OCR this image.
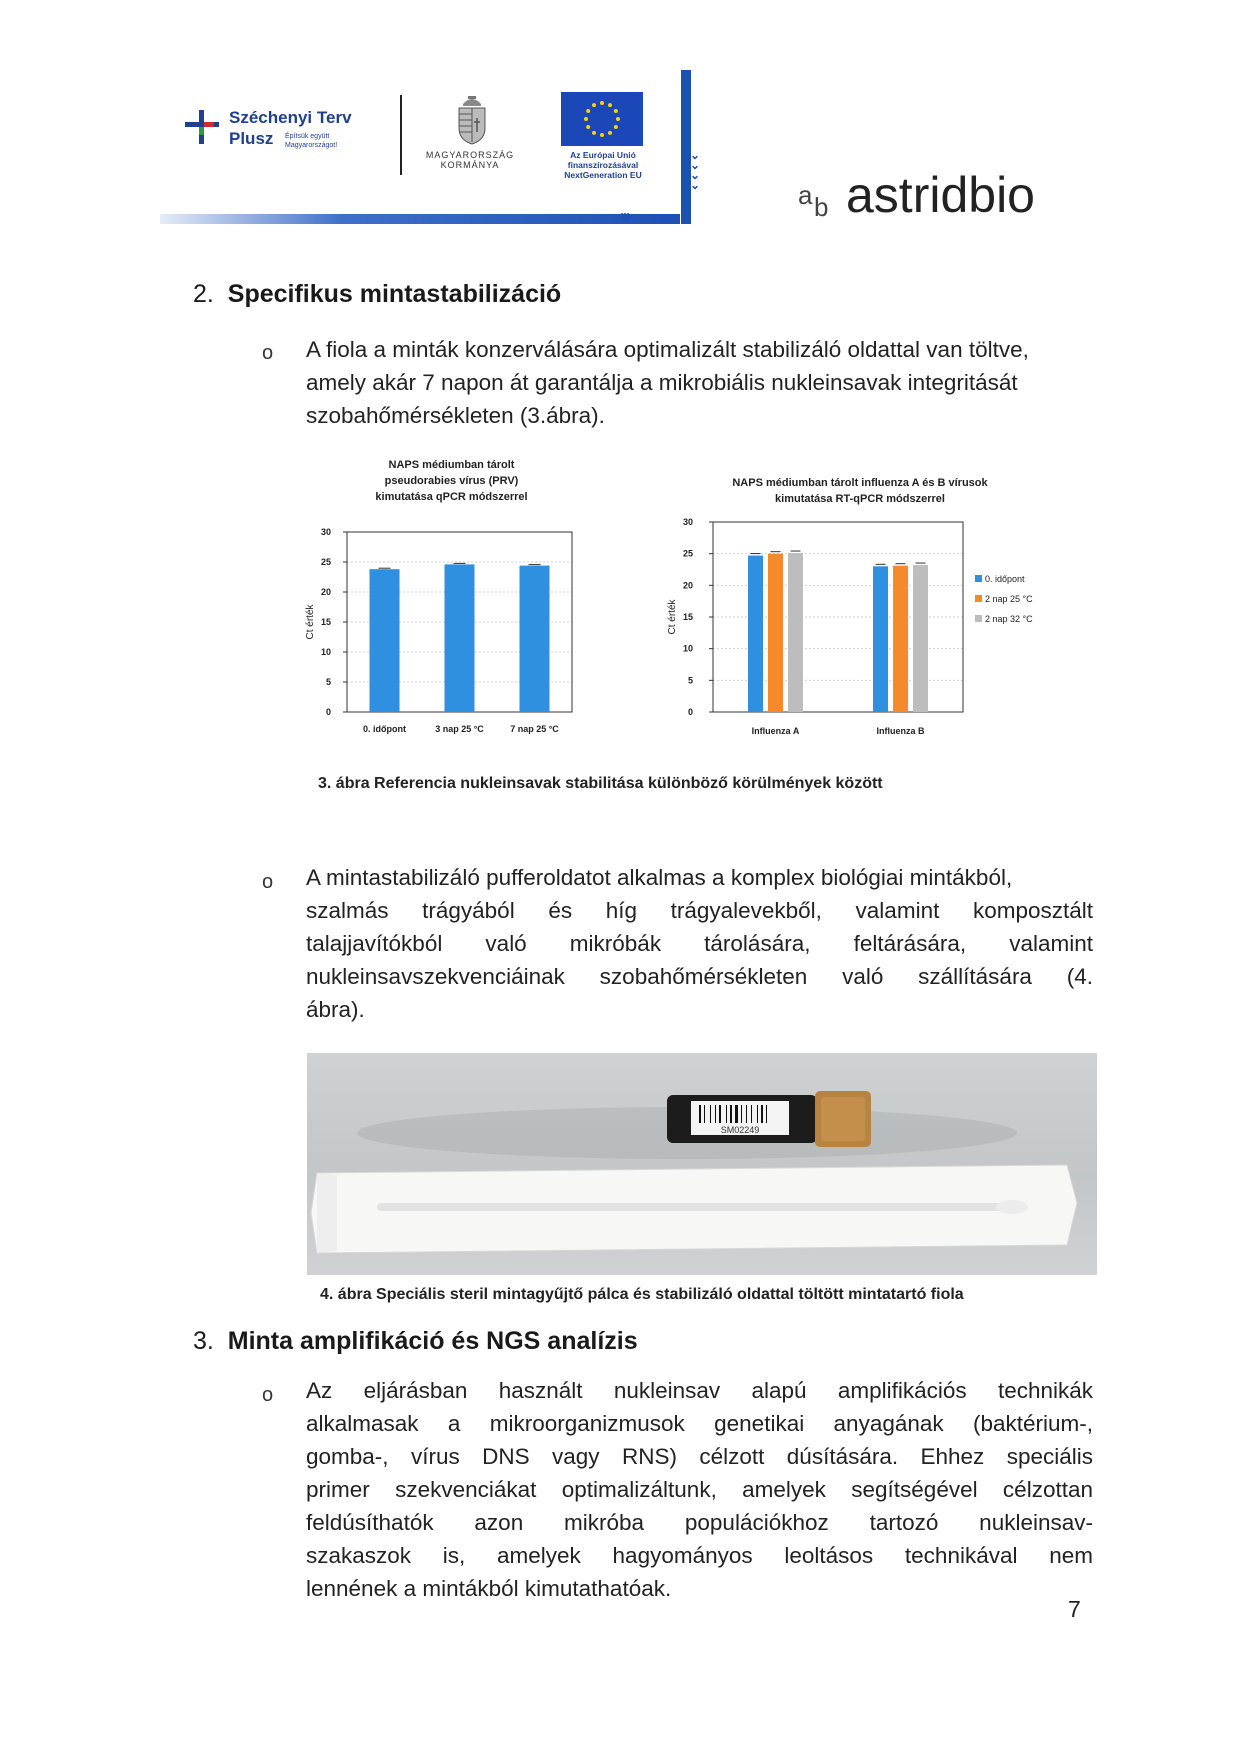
Széchenyi Terv
Plusz Építsük együtt
Magyarországot!
MAGYARORSZÁG
KORMÁNYA
Az Európai Unió
finanszírozásával
NextGeneration EU
›››
⌄
⌄
⌄
⌄	a b astridbio
2. Specifikus mintastabilizáció
o A fiola a minták konzerválására optimalizált stabilizáló oldattal van töltve,
amely akár 7 napon át garantálja a mikrobiális nukleinsavak integritását
szobahőmérsékleten (3.ábra).
NAPS médiumban tárolt
pseudorabies vírus (PRV)
kimutatása qPCR módszerrel
0
5
10
15
20
25
30
Ct érték
0. időpont	3 nap 25 °C	7 nap 25 °C
NAPS médiumban tárolt influenza A és B vírusok
kimutatása RT-qPCR módszerrel
0
5
10
15
20
25
30
Ct érték
Influenza A	Influenza B
0. időpont
2 nap 25 °C
2 nap 32 °C
3. ábra Referencia nukleinsavak stabilitása különböző körülmények között
o A mintastabilizáló pufferoldatot alkalmas a komplex biológiai mintákból,
szalmás trágyából és híg trágyalevekből, valamint komposztált
talajjavítókból való mikróbák tárolására, feltárására, valamint
nukleinsavszekvenciáinak szobahőmérsékleten való szállítására (4.
ábra).
SM02249
4. ábra Speciális steril mintagyűjtő pálca és stabilizáló oldattal töltött mintatartó fiola
3. Minta amplifikáció és NGS analízis
o Az eljárásban használt nukleinsav alapú amplifikációs technikák
alkalmasak a mikroorganizmusok genetikai anyagának (baktérium-,
gomba-, vírus DNS vagy RNS) célzott dúsítására. Ehhez speciális
primer szekvenciákat optimalizáltunk, amelyek segítségével célzottan
feldúsíthatók azon mikróba populációkhoz tartozó nukleinsav-
szakaszok is, amelyek hagyományos leoltásos technikával nem
lennének a mintákból kimutathatóak.
7
